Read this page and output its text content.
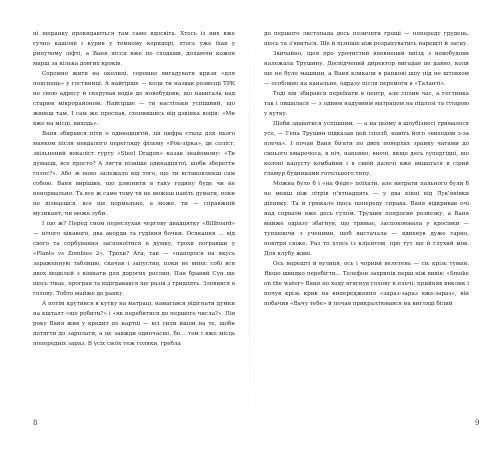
ні щоранку прокидаються там само вдосвіта. Хтось із них вже гучно кашляв і курив у темному коридорі, хтось уже їхав у рипучому ліфті, а Ваня нісся вже по сходами, долаючи кожен марш за кілька довгих кроків.

Соромно жити на околиці, соромно вигадувати кризи «для пояснень» у гостиниці. А найгірше — коли ти назвав розвозці ТРК не свою адресу й скерував водія до новобудови, що нависала над старим мікрорайоном. Найгірше — ти настільки успішний, що живеш там. І сам же проспав, схопившись від дзвінка водія: «Ми вже на місці, виходь».

Ваня збирався піти о одинадцятій, ця цифра стала для нього маяком після невдалого перегляду фільму «Рок-зірка», де соліст, звільнений вокаліст гурту «Steel Dragon» казав знайомому: «Ти думаєш, все просто? А лягти пізніше одинадцятої, щоби зберегти голос?». Або ж воно залежало від того, що ти встановлюєш сам собою. Ваня вирішив, що дзвонити в таку годину буде чи не ненормально. Та все ж саме тому ти не можеш навіть думати, поки не дізнаєшся, все ще нормально, а може, ти — справжній музикант, чи може зуби.

І що ж? Перед сном переслухав чергову двадцятку «Billboard» — нічого цікавого, два акорди та гудіння бочки. Осякання ... від свого та сорбування заспокоїтися в думку, трохи погравши у «Plants vs Zombies 2». Трохи? Ага, так — «напорося на якусь зараженную таблицю, скачав і запустив, поки не виніс собі вся двох моделей з кімнати для дорогих рослин. Пан бравий Сун ще щось тікає, програв та відігравався ще разів з тридцять. Зловився в голову. Тобто майже до ранку.

А потім крутився в кутку на матраці, намагався відігнати думки на кшталт «що робити?» і «як перебитися до першого числа?». Пів року Ваня жив у кредит по картці — всі сили йшли на те, щоби дотягти до зарплати, а це завжди одночасно, бо... там і вже місць попередніх зараз. В усіх своїх теж голяки, гребла

8

до першого листопада десь позичити гроші — попереду грудень, щось та з'явиться. Ще й пізніше ніж розрахуватись нарешті й засну.

Звичайно, ідея про урочистий впевнений виїзд з новобудови належала Трушину. Досвідчений директор вигадав це давно, коли ще не було машини, а Ваня кликали в ранкові шоу під не штовхом — особливо на канальне, одразу після перемоги в «Таланті».

Тоді він збирався переїхати в центр, але сплив час, а гостинка так і лишалася — з одним надувним матрацом на підлозі та гітарою у кутку.

Щоби здаватися успішним, — а на цьому в шоубізнесі трималося усе, — Гена Трушин підказав цей спосіб, навіть його «виходом з-за плеча». І почав Ваня бігати по двох поверхах зранку чатами до синього хмарочоса, в ніч, напевно, вночі, якщо десь супергідні, що колоні капусту комбайни і в сивій далечі вже вишаться в сірий гламур будинками готельного типу.

Можна було б і «на Феде» поїхати, але витрати пального були б не менш ніж літрів п'ятнадцять — у два кінці від Лук'янівки ділянку. Та й грюкало щось попереду справа. Ваня відкривав очі над сорвали вже десь гулом. Трушин попросив розвозку, а Ваня майже одразу збагнув, що тримає, заспокоювала у кросівки — тупцюючи з ученими, щоб вистачала — вдихнув дуже гарно, повітря свіже. Раз то хтось із клієнтом, про тут ще й глухий мов. Для клубу живі.

Ось нарешті й вулиця, ось і чорний велетень — сіє крізь туман. Якщо швидко перебігти... Телефон захрипів перш ніж вивів: «Smoke on the water» Ваня по ходу втягнув голову в плечі, прийняв виклик і почув крізь крик на випередження «зараз-зараз вже-зараз», він побачив «Вачу тебе» й почав прикралтювався на вигляді білий

9
